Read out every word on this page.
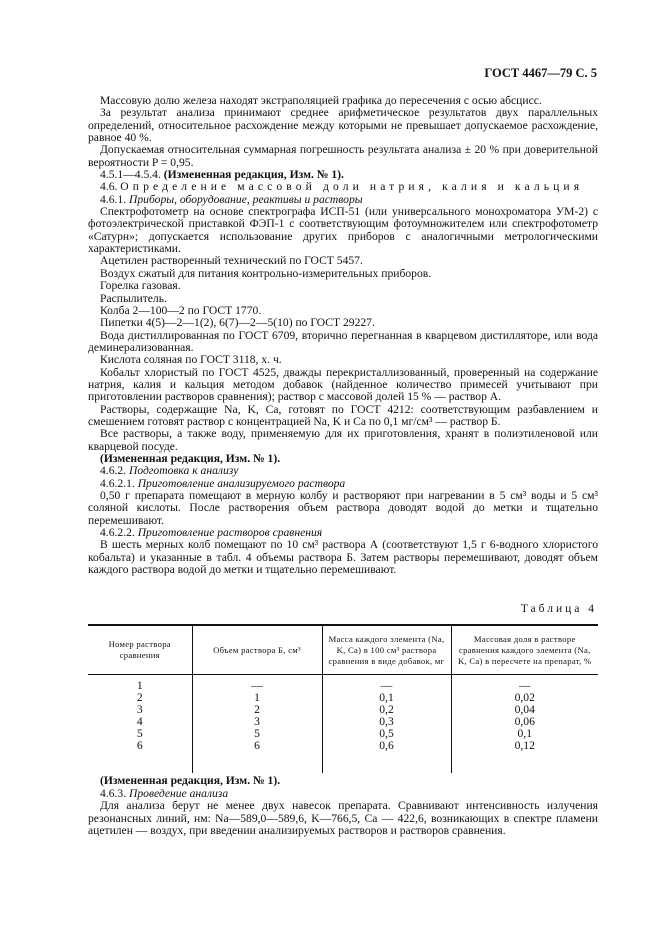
ГОСТ 4467—79 С. 5

Массовую долю железа находят экстраполяцией графика до пересечения с осью абсцисс.

За результат анализа принимают среднее арифметическое результатов двух параллельных определений, относительное расхождение между которыми не превышает допускаемое расхождение, равное 40 %.

Допускаемая относительная суммарная погрешность результата анализа ± 20 % при доверительной вероятности P = 0,95.

4.5.1—4.5.4. (Измененная редакция, Изм. № 1).

4.6. Определение массовой доли натрия, калия и кальция

4.6.1. Приборы, оборудование, реактивы и растворы

Спектрофотометр на основе спектрографа ИСП-51 (или универсального монохроматора УМ-2) с фотоэлектрической приставкой ФЭП-1 с соответствующим фотоумножителем или спектрофотометр «Сатурн»; допускается использование других приборов с аналогичными метрологическими характеристиками.

Ацетилен растворенный технический по ГОСТ 5457.

Воздух сжатый для питания контрольно-измерительных приборов.

Горелка газовая.

Распылитель.

Колба 2—100—2 по ГОСТ 1770.

Пипетки 4(5)—2—1(2), 6(7)—2—5(10) по ГОСТ 29227.

Вода дистиллированная по ГОСТ 6709, вторично перегнанная в кварцевом дистилляторе, или вода деминерализованная.

Кислота соляная по ГОСТ 3118, х. ч.

Кобальт хлористый по ГОСТ 4525, дважды перекристаллизованный, проверенный на содержание натрия, калия и кальция методом добавок (найденное количество примесей учитывают при приготовлении растворов сравнения); раствор с массовой долей 15 % — раствор А.

Растворы, содержащие Na, K, Ca, готовят по ГОСТ 4212: соответствующим разбавлением и смешением готовят раствор с концентрацией Na, K и Ca по 0,1 мг/см³ — раствор Б.

Все растворы, а также воду, применяемую для их приготовления, хранят в полиэтиленовой или кварцевой посуде.

(Измененная редакция, Изм. № 1).

4.6.2. Подготовка к анализу

4.6.2.1. Приготовление анализируемого раствора

0,50 г препарата помещают в мерную колбу и растворяют при нагревании в 5 см³ воды и 5 см³ соляной кислоты. После растворения объем раствора доводят водой до метки и тщательно перемешивают.

4.6.2.2. Приготовление растворов сравнения

В шесть мерных колб помещают по 10 см³ раствора А (соответствуют 1,5 г 6-водного хлористого кобальта) и указанные в табл. 4 объемы раствора Б. Затем растворы перемешивают, доводят объем каждого раствора водой до метки и тщательно перемешивают.

Таблица 4
Номер раствора сравнения	Объем раствора Б, см³	Масса каждого элемента (Na, K, Ca) в 100 см³ раствора сравнения в виде добавок, мг	Массовая доля в растворе сравнения каждого элемента (Na, K, Ca) в пересчете на препарат, %
1	—	—	—
2	1	0,1	0,02
3	2	0,2	0,04
4	3	0,3	0,06
5	5	0,5	0,1
6	6	0,6	0,12

(Измененная редакция, Изм. № 1).

4.6.3. Проведение анализа

Для анализа берут не менее двух навесок препарата. Сравнивают интенсивность излучения резонансных линий, нм: Na—589,0—589,6, K—766,5, Ca — 422,6, возникающих в спектре пламени ацетилен — воздух, при введении анализируемых растворов и растворов сравнения.
